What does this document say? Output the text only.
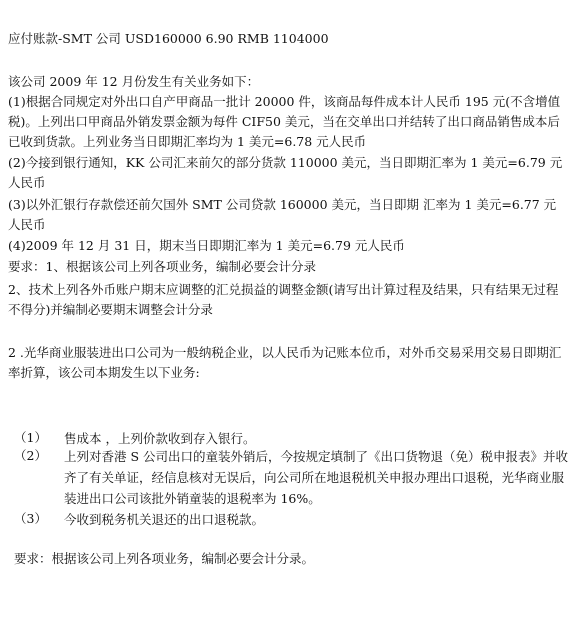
应付账款-SMT 公司 USD160000 6.90 RMB 1104000
该公司 2009 年 12 月份发生有关业务如下：
(1)根据合同规定对外出口自产甲商品一批计 20000 件，该商品每件成本计人民币 195 元(不含增值税)。上列出口甲商品外销发票金额为每件 CIF50 美元，当在交单出口并结转了出口商品销售成本后已收到货款。上列业务当日即期汇率均为 1 美元=6.78 元人民币
(2)今接到银行通知，KK 公司汇来前欠的部分货款 110000 美元，当日即期汇率为 1 美元=6.79 元人民币
(3)以外汇银行存款偿还前欠国外 SMT 公司贷款 160000 美元，当日即期 汇率为 1 美元=6.77 元人民币
(4)2009 年 12 月 31 日，期末当日即期汇率为 1 美元=6.79 元人民币
要求：1、根据该公司上列各项业务，编制必要会计分录
2、技术上列各外币账户期末应调整的汇兑损益的调整金额(请写出计算过程及结果，只有结果无过程不得分)并编制必要期末调整会计分录
2 .光华商业服装进出口公司为一般纳税企业，以人民币为记账本位币，对外币交易采用交易日即期汇率折算，该公司本期发生以下业务:
（1）	售成本 ，上列价款收到存入银行。
（2）	上列对香港 S 公司出口的童装外销后，今按规定填制了《出口货物退（免）税申报表》并收齐了有关单证，经信息核对无误后，向公司所在地退税机关申报办理出口退税，光华商业服装进出口公司该批外销童装的退税率为 16%。
（3）	今收到税务机关退还的出口退税款。
要求：根据该公司上列各项业务，编制必要会计分录。
